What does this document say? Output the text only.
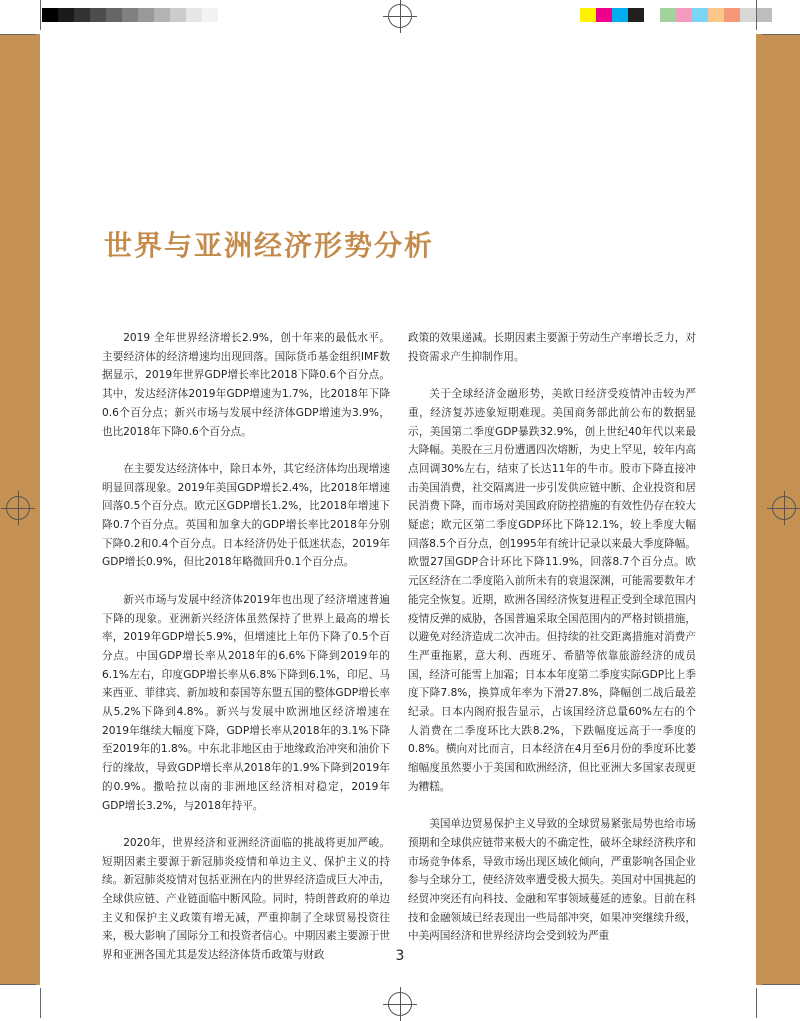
世界与亚洲经济形势分析

2019 全年世界经济增长2.9%，创十年来的最低水平。主要经济体的经济增速均出现回落。国际货币基金组织IMF数据显示，2019年世界GDP增长率比2018下降0.6个百分点。其中，发达经济体2019年GDP增速为1.7%，比2018年下降0.6个百分点；新兴市场与发展中经济体GDP增速为3.9%，也比2018年下降0.6个百分点。

在主要发达经济体中，除日本外，其它经济体均出现增速明显回落现象。2019年美国GDP增长2.4%，比2018年增速回落0.5个百分点。欧元区GDP增长1.2%，比2018年增速下降0.7个百分点。英国和加拿大的GDP增长率比2018年分别下降0.2和0.4个百分点。日本经济仍处于低迷状态，2019年GDP增长0.9%，但比2018年略微回升0.1个百分点。

新兴市场与发展中经济体2019年也出现了经济增速普遍下降的现象。亚洲新兴经济体虽然保持了世界上最高的增长率，2019年GDP增长5.9%，但增速比上年仍下降了0.5个百分点。中国GDP增长率从2018年的6.6%下降到2019年的6.1%左右，印度GDP增长率从6.8%下降到6.1%，印尼、马来西亚、菲律宾、新加坡和泰国等东盟五国的整体GDP增长率从5.2%下降到4.8%。新兴与发展中欧洲地区经济增速在2019年继续大幅度下降，GDP增长率从2018年的3.1%下降至2019年的1.8%。中东北非地区由于地缘政治冲突和油价下行的缘故，导致GDP增长率从2018年的1.9%下降到2019年的0.9%。撒哈拉以南的非洲地区经济相对稳定，2019年GDP增长3.2%，与2018年持平。

2020年，世界经济和亚洲经济面临的挑战将更加严峻。短期因素主要源于新冠肺炎疫情和单边主义、保护主义的持续。新冠肺炎疫情对包括亚洲在内的世界经济造成巨大冲击，全球供应链、产业链面临中断风险。同时，特朗普政府的单边主义和保护主义政策有增无减，严重抑制了全球贸易投资往来，极大影响了国际分工和投资者信心。中期因素主要源于世界和亚洲各国尤其是发达经济体货币政策与财政

政策的效果递减。长期因素主要源于劳动生产率增长乏力，对投资需求产生抑制作用。

关于全球经济金融形势，美欧日经济受疫情冲击较为严重，经济复苏迹象短期难现。美国商务部此前公布的数据显示，美国第二季度GDP暴跌32.9%，创上世纪40年代以来最大降幅。美股在三月份遭遇四次熔断，为史上罕见，较年内高点回调30%左右，结束了长达11年的牛市。股市下降直接冲击美国消费，社交隔离进一步引发供应链中断、企业投资和居民消费下降，而市场对美国政府防控措施的有效性仍存在较大疑虑；欧元区第二季度GDP环比下降12.1%，较上季度大幅回落8.5个百分点，创1995年有统计记录以来最大季度降幅。欧盟27国GDP合计环比下降11.9%，回落8.7个百分点。欧元区经济在二季度陷入前所未有的衰退深渊，可能需要数年才能完全恢复。近期，欧洲各国经济恢复进程正受到全球范围内疫情反弹的威胁，各国普遍采取全国范围内的严格封锁措施，以避免对经济造成二次冲击。但持续的社交距离措施对消费产生严重拖累，意大利、西班牙、希腊等依靠旅游经济的成员国，经济可能雪上加霜；日本本年度第二季度实际GDP比上季度下降7.8%，换算成年率为下滑27.8%，降幅创二战后最差纪录。日本内阁府报告显示，占该国经济总量60%左右的个人消费在二季度环比大跌8.2%，下跌幅度远高于一季度的0.8%。横向对比而言，日本经济在4月至6月份的季度环比萎缩幅度虽然要小于美国和欧洲经济，但比亚洲大多国家表现更为糟糕。

美国单边贸易保护主义导致的全球贸易紧张局势也给市场预期和全球供应链带来极大的不确定性，破坏全球经济秩序和市场竞争体系，导致市场出现区域化倾向，严重影响各国企业参与全球分工，使经济效率遭受极大损失。美国对中国挑起的经贸冲突还有向科技、金融和军事领域蔓延的迹象。目前在科技和金融领域已经表现出一些局部冲突，如果冲突继续升级，中美两国经济和世界经济均会受到较为严重

3
